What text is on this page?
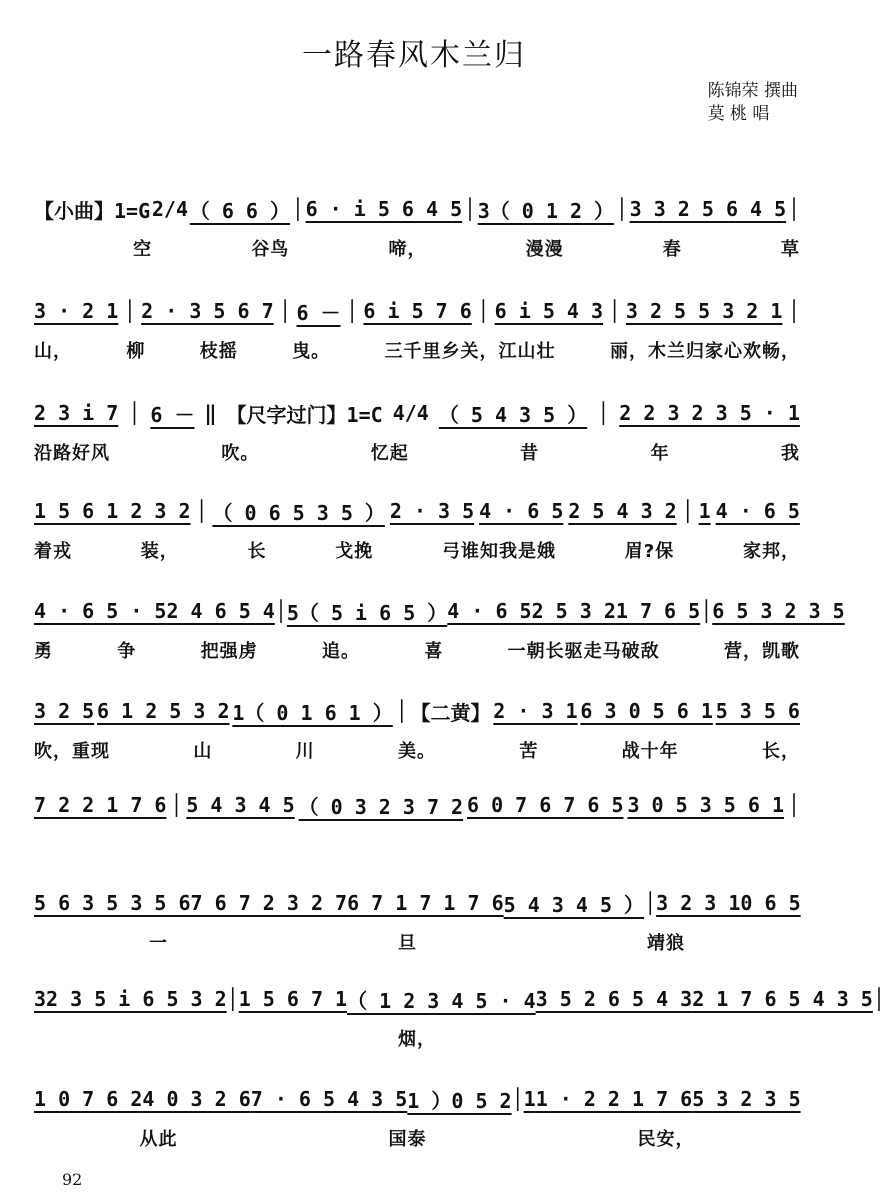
一路春风木兰归
陈锦荣 撰曲
莫 桃 唱
【小曲】1=G 2/4 （ 6 6 ） │ 6 · i 5 6 4 5 │ 3（ 0 1 2 ） │ 3 3 2 5 6 4 5 │
空	谷鸟	啼，	漫漫	春	草
3 · 2 1 │ 2 · 3 5 6 7 │ 6 － │ 6 i 5 7 6 │ 6 i 5 4 3 │ 3 2 5 5 3 2 1 │
山，	柳	枝摇	曳。	三千里乡关，江山壮	丽，木兰归家心欢畅，
2 3 i 7 │ 6 － ‖ 【尺字过门】1=C 4/4 （ 5 4 3 5 ） │ 2 2 3 2 3 5 · 1
沿路好风	吹。	忆起	昔	年	我
1 5 6 1 2 3 2 │ （ 0 6 5 3 5 ） 2 · 3 5 4 · 6 5 2 5 4 3 2 │ 1 4 · 6 5
着戎	装，	长	戈挽	弓谁知我是娥	眉?保	家邦，
4 · 6 5 · 5 2 4 6 5 4 │ 5（ 5 i 6 5 ） 4 · 6 5 2 5 3 2 1 7 6 5 │ 6 5 3 2 3 5
勇	争	把强虏	追。	喜	一朝长驱走马破敌	营，凯歌
3 2 5 6 1 2 5 3 2 1（ 0 1 6 1 ） │ 【二黄】 2 · 3 1 6 3 0 5 6 1 5 3 5 6
吹，重现	山	川	美。	苦	战十年	长，
7 2 2 1 7 6 │ 5 4 3 4 5 （ 0 3 2 3 7 2 6 0 7 6 7 6 5 3 0 5 3 5 6 1 │
5 6 3 5 3 5 6 7 6 7 2 3 2 7 6 7 1 7 1 7 6 5 4 3 4 5 ） │ 3 2 3 1 0 6 5
一	旦	靖狼
3 2 3 5 i 6 5 3 2 │ 1 5 6 7 1 （ 1 2 3 4 5 · 4 3 5 2 6 5 4 3 2 1 7 6 5 4 3 5 │
烟，
1 0 7 6 2 4 0 3 2 6 7 · 6 5 4 3 5 1 ）0 5 2 │ 1 1 · 2 2 1 7 6 5 3 2 3 5
从此	国泰	民安，
92
